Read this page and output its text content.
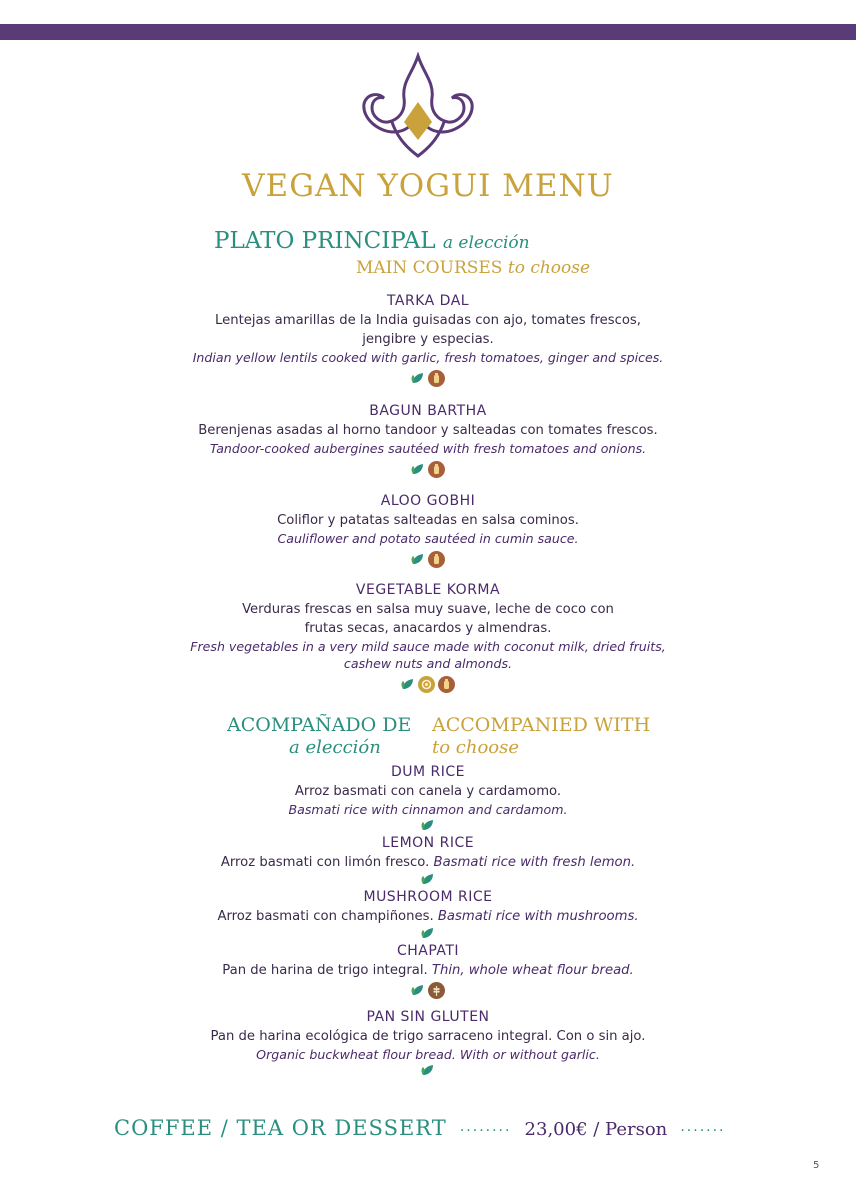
VEGAN YOGUI MENU
PLATO PRINCIPAL a elección
MAIN COURSES to choose
TARKA DAL
Lentejas amarillas de la India guisadas con ajo, tomates frescos,
jengibre y especias.
Indian yellow lentils cooked with garlic, fresh tomatoes, ginger and spices.
BAGUN BARTHA
Berenjenas asadas al horno tandoor y salteadas con tomates frescos.
Tandoor-cooked aubergines sautéed with fresh tomatoes and onions.
ALOO GOBHI
Coliflor y patatas salteadas en salsa cominos.
Cauliflower and potato sautéed in cumin sauce.
VEGETABLE KORMA
Verduras frescas en salsa muy suave, leche de coco con
frutas secas, anacardos y almendras.
Fresh vegetables in a very mild sauce made with coconut milk, dried fruits,
cashew nuts and almonds.
ACOMPAÑADO DE
a elección
ACCOMPANIED WITH
to choose
DUM RICE
Arroz basmati con canela y cardamomo.
Basmati rice with cinnamon and cardamom.
LEMON RICE
Arroz basmati con limón fresco. Basmati rice with fresh lemon.
MUSHROOM RICE
Arroz basmati con champiñones. Basmati rice with mushrooms.
CHAPATI
Pan de harina de trigo integral. Thin, whole wheat flour bread.
PAN SIN GLUTEN
Pan de harina ecológica de trigo sarraceno integral. Con o sin ajo.
Organic buckwheat flour bread. With or without garlic.
COFFEE / TEA OR DESSERT ········ 23,00€ / Person ·······
5
